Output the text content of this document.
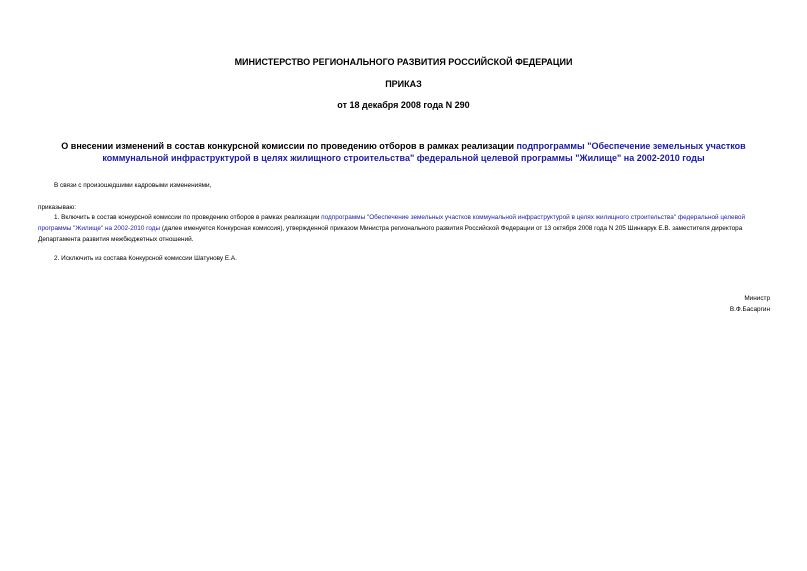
МИНИСТЕРСТВО РЕГИОНАЛЬНОГО РАЗВИТИЯ РОССИЙСКОЙ ФЕДЕРАЦИИ
ПРИКАЗ
от 18 декабря 2008 года N 290
О внесении изменений в состав конкурсной комиссии по проведению отборов в рамках реализации подпрограммы "Обеспечение земельных участков коммунальной инфраструктурой в целях жилищного строительства" федеральной целевой программы "Жилище" на 2002-2010 годы
В связи с произошедшими кадровыми изменениями,
приказываю:
1. Включить в состав конкурсной комиссии по проведению отборов в рамках реализации подпрограммы "Обеспечение земельных участков коммунальной инфраструктурой в целях жилищного строительства" федеральной целевой программы "Жилище" на 2002-2010 годы (далее именуется Конкурсная комиссия), утвержденной приказом Министра регионального развития Российской Федерации от 13 октября 2008 года N 205 Шинкарук Е.В. заместителя директора Департамента развития межбюджетных отношений.
2. Исключить из состава Конкурсной комиссии Шатунову Е.А.
Министр
В.Ф.Басаргин
